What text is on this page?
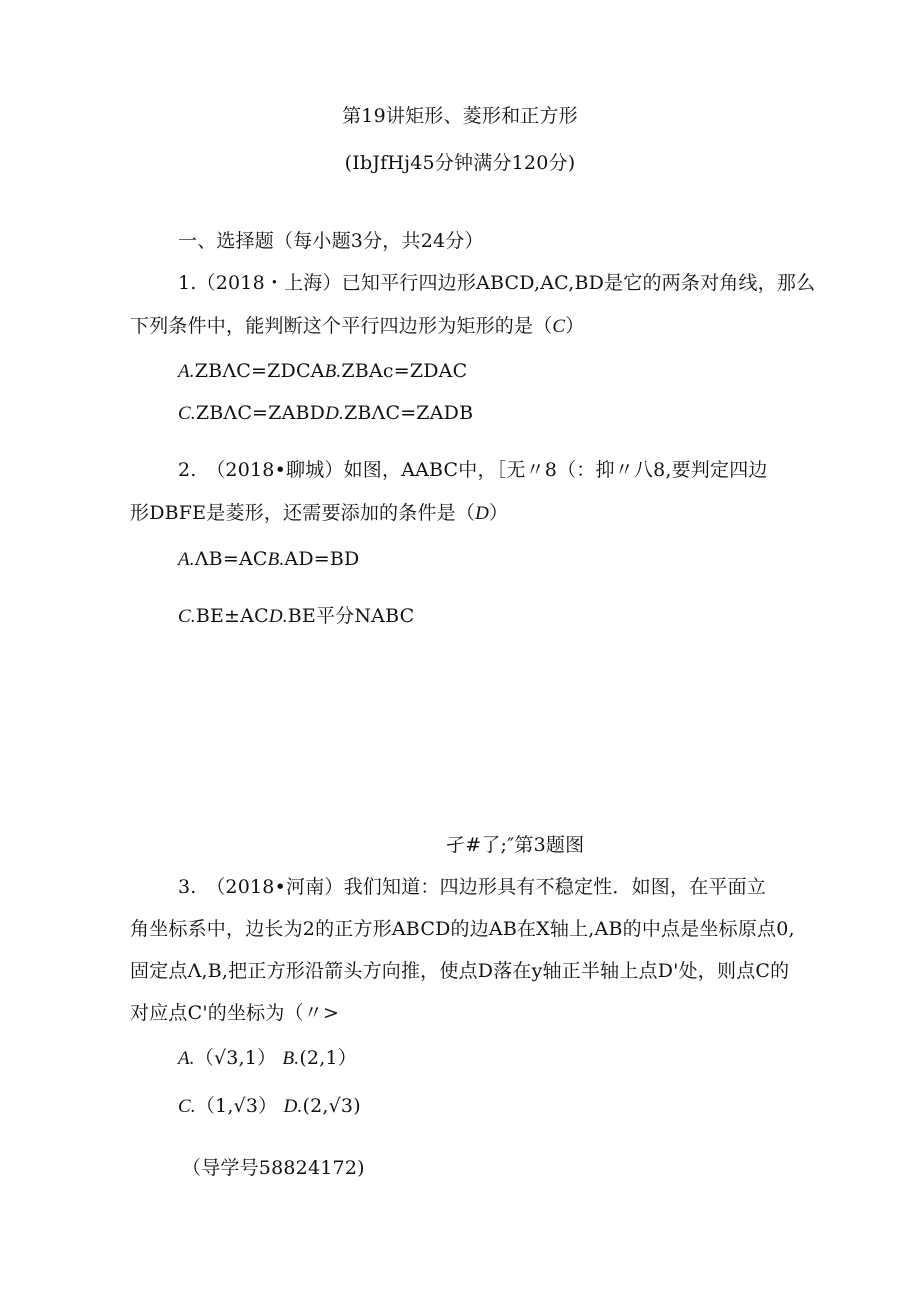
第19讲矩形、菱形和正方形
(IbJfHj45分钟满分120分)
一、选择题（每小题3分，共24分）
1.（2018・上海）已知平行四边形ABCD,AC,BD是它的两条对角线，那么
下列条件中，能判断这个平行四边形为矩形的是（C）
A.ZBΛC=ZDCAB.ZBAc=ZDAC
C.ZBΛC=ZABDD.ZBΛC=ZADB
2.　（2018•聊城）如图，AABC中，［无〃8（：抑〃八8,要判定四边
形DBFE是菱形，还需要添加的条件是（D）
A.ΛB=ACB.AD=BD
C.BE±ACD.BE平分NABC
孑#了;″第3题图
3.　（2018•河南）我们知道：四边形具有不稳定性．如图，在平面立
角坐标系中，边长为2的正方形ABCD的边AB在X轴上,AB的中点是坐标原点0,
固定点Λ,B,把正方形沿箭头方向推，使点D落在y轴正半轴上点D'处，则点C的
对应点C'的坐标为（〃>
A.（√3,1） B.(2,1）
C.（1,√3） D.(2,√3)
（导学号58824172)
